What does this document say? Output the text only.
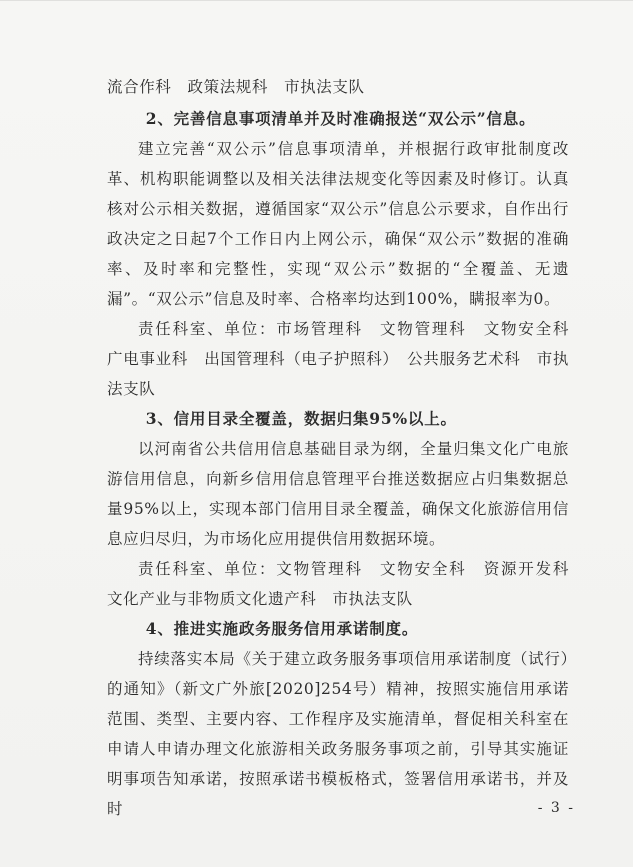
流合作科　政策法规科　市执法支队

2、完善信息事项清单并及时准确报送“双公示”信息。

建立完善“双公示”信息事项清单，并根据行政审批制度改革、机构职能调整以及相关法律法规变化等因素及时修订。认真核对公示相关数据，遵循国家“双公示”信息公示要求，自作出行政决定之日起7个工作日内上网公示，确保“双公示”数据的准确率、及时率和完整性，实现“双公示”数据的“全覆盖、无遗漏”。“双公示”信息及时率、合格率均达到100%，瞒报率为0。

责任科室、单位：市场管理科　文物管理科　文物安全科　广电事业科　出国管理科（电子护照科）　公共服务艺术科　市执法支队

3、信用目录全覆盖，数据归集95%以上。

以河南省公共信用信息基础目录为纲，全量归集文化广电旅游信用信息，向新乡信用信息管理平台推送数据应占归集数据总量95%以上，实现本部门信用目录全覆盖，确保文化旅游信用信息应归尽归，为市场化应用提供信用数据环境。

责任科室、单位：文物管理科　文物安全科　资源开发科　文化产业与非物质文化遗产科　市执法支队

4、推进实施政务服务信用承诺制度。

持续落实本局《关于建立政务服务事项信用承诺制度（试行）的通知》（新文广外旅[2020]254号）精神，按照实施信用承诺范围、类型、主要内容、工作程序及实施清单，督促相关科室在申请人申请办理文化旅游相关政务服务事项之前，引导其实施证明事项告知承诺，按照承诺书模板格式，签署信用承诺书，并及时	- 3 -
